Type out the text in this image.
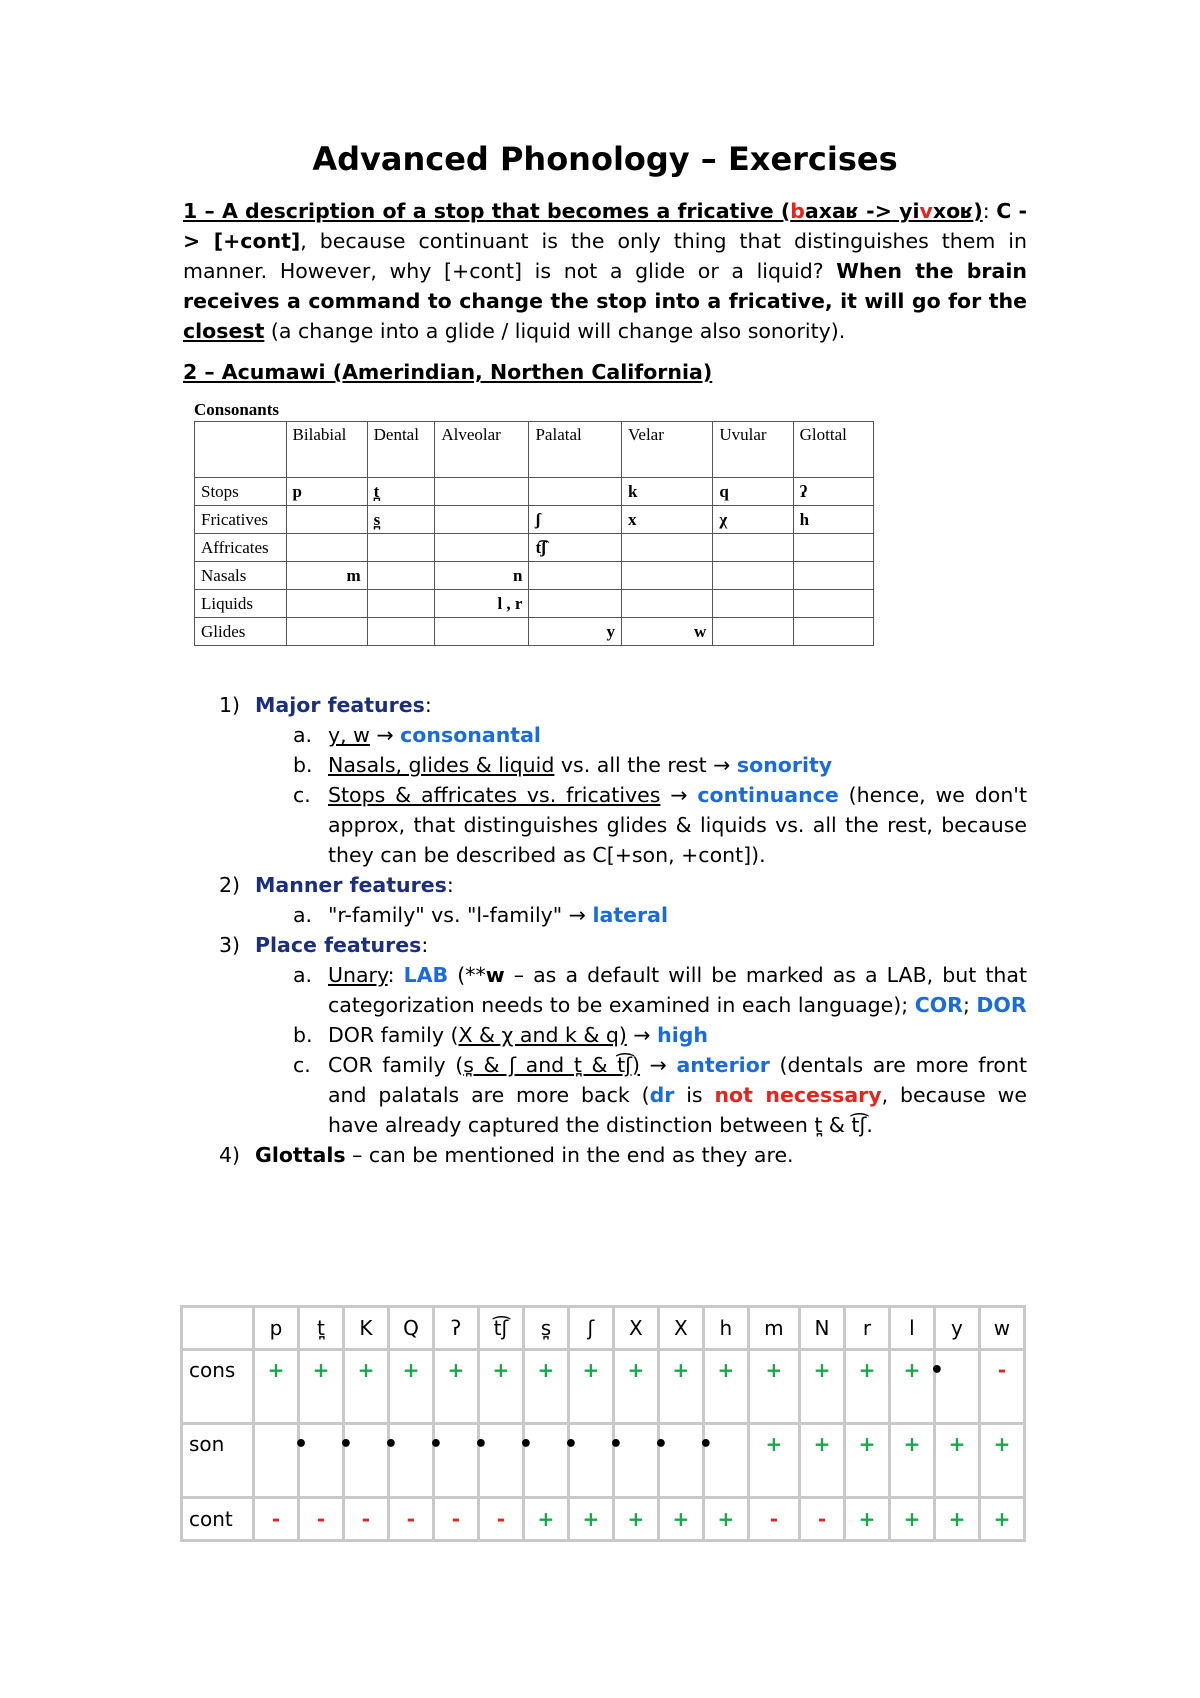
Advanced Phonology – Exercises

1 – A description of a stop that becomes a fricative (baxaʁ -> yivxoʁ): C -> [+cont], because continuant is the only thing that distinguishes them in manner. However, why [+cont] is not a glide or a liquid? When the brain receives a command to change the stop into a fricative, it will go for the closest (a change into a glide / liquid will change also sonority).

2 – Acumawi (Amerindian, Northen California)
Consonants
	Bilabial	Dental	Alveolar	Palatal	Velar	Uvular	Glottal
Stops	p	t̪			k	q	ʔ
Fricatives		s̪		ʃ	x	χ	h
Affricates				t͡ʃ			
Nasals	m		n				
Liquids			l , r				
Glides				y	w		
1) Major features:
a. y, w → consonantal
b. Nasals, glides & liquid vs. all the rest → sonority
c. Stops & affricates vs. fricatives → continuance (hence, we don't approx, that distinguishes glides & liquids vs. all the rest, because they can be described as C[+son, +cont]).
2) Manner features:
a. "r-family" vs. "l-family" → lateral
3) Place features:
a. Unary: LAB (**w – as a default will be marked as a LAB, but that categorization needs to be examined in each language); COR; DOR
b. DOR family (X & χ and k & q) → high
c. COR family (s̪ & ʃ and t̪ & t͡ʃ) → anterior (dentals are more front and palatals are more back (dr is not necessary, because we have already captured the distinction between t̪ & t͡ʃ.
4) Glottals – can be mentioned in the end as they are.
	p	t̪	K	Q	ʔ	t͡ʃ	s̪	ʃ	X	X	h	m	N	r	l	y	w
cons	+	+	+	+	+	+	+	+	+	+	+	+	+	+	+	•	-
son		•	•	•	•	•	•	•	•	•	•	+	+	+	+	+	+
cont	-	-	-	-	-	-	+	+	+	+	+	-	-	+	+	+	+
